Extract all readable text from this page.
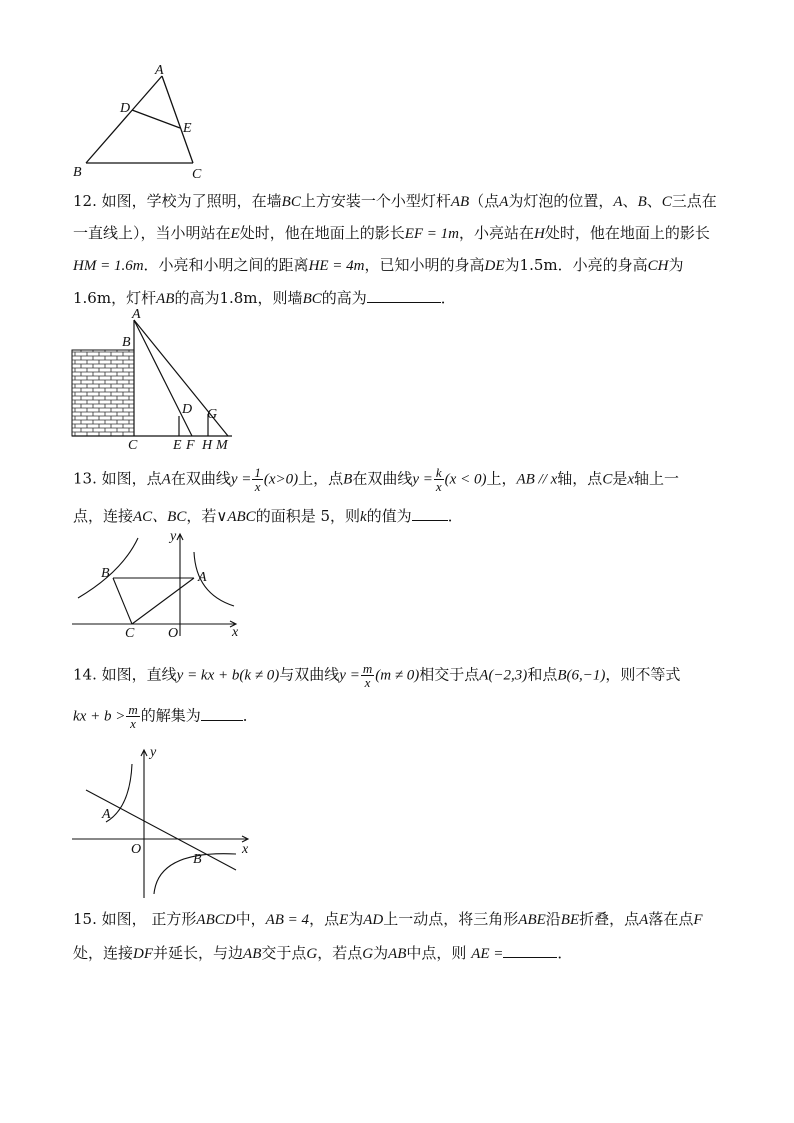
A
D
E
B	C
12. 如图，学校为了照明，在墙BC上方安装一个小型灯杆AB（点A为灯泡的位置，A、B、C三点在
一直线上），当小明站在E处时，他在地面上的影长EF = 1m，小亮站在H处时，他在地面上的影长
HM = 1.6m．小亮和小明之间的距离HE = 4m，已知小明的身高DE为1.5m．小亮的身高CH为
1.6m，灯杆AB的高为1.8m，则墙BC的高为	．
A
B
D G
C	E F H M
13. 如图，点A在双曲线$y = \frac{1}{x} (x>0)$上，点B在双曲线$y = \frac{k}{x} (x < 0)$上，AB // x轴，点C是x轴上一
点，连接AC、BC，若∨ABC的面积是 5，则k的值为 ．
y
A
B
C O	x
14. 如图，直线y = kx + b(k ≠ 0)与双曲线$y = \frac{m}{x} (m \ne 0)$相交于点A(−2,3)和点B(6,−1)，则不等式
kx + $b > \frac{m}{x}$ 的解集为	．
y
A
O
B
x
15. 如图， 正方形ABCD中，AB = 4，点E为AD上一动点，将三角形ABE沿BE折叠，点A落在点F
处，连接DF并延长，与边AB交于点G，若点G为AB中点，则 AE =	．
